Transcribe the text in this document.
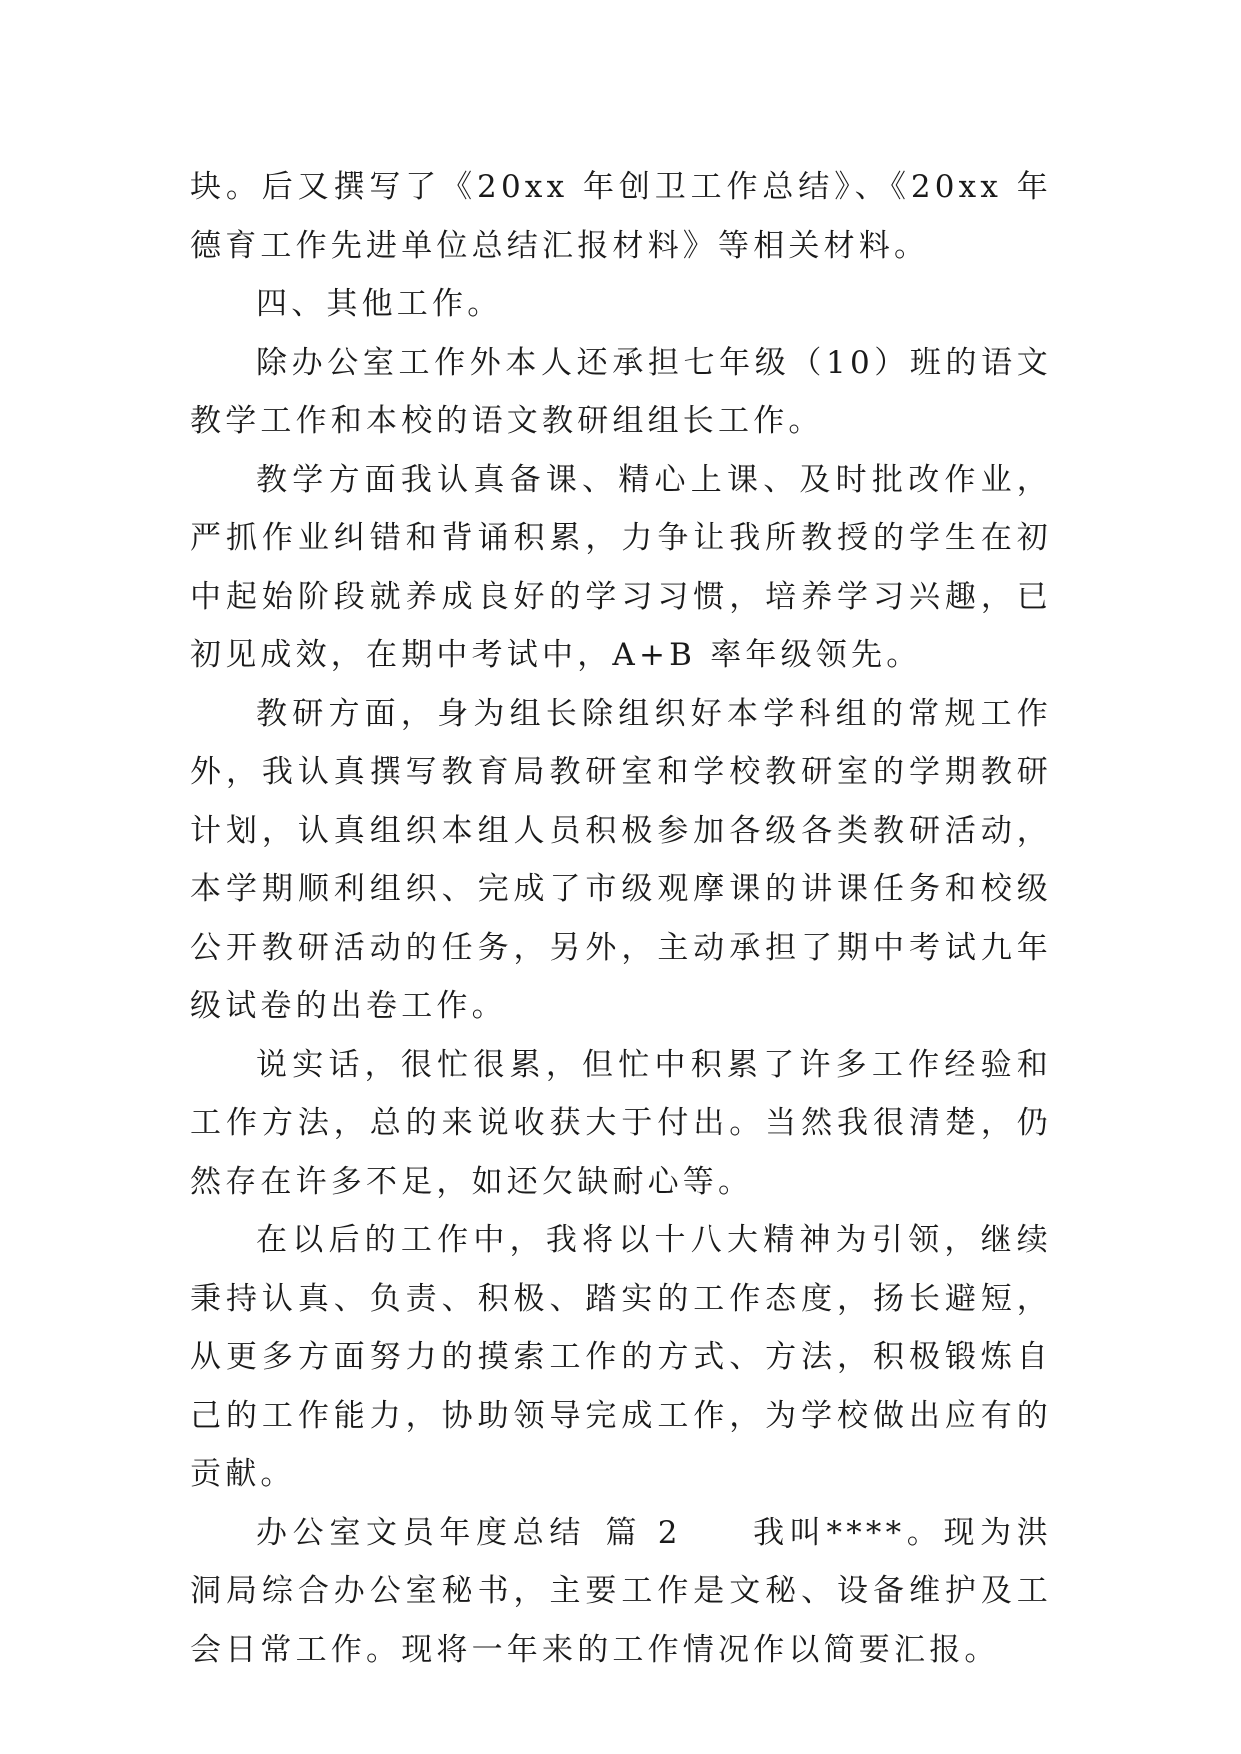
块。后又撰写了《20xx 年创卫工作总结》、《20xx 年德育工作先进单位总结汇报材料》等相关材料。

四、其他工作。

除办公室工作外本人还承担七年级（10）班的语文教学工作和本校的语文教研组组长工作。

教学方面我认真备课、精心上课、及时批改作业，严抓作业纠错和背诵积累，力争让我所教授的学生在初中起始阶段就养成良好的学习习惯，培养学习兴趣，已初见成效，在期中考试中，A+B 率年级领先。

教研方面，身为组长除组织好本学科组的常规工作外，我认真撰写教育局教研室和学校教研室的学期教研计划，认真组织本组人员积极参加各级各类教研活动，本学期顺利组织、完成了市级观摩课的讲课任务和校级公开教研活动的任务，另外，主动承担了期中考试九年级试卷的出卷工作。

说实话，很忙很累，但忙中积累了许多工作经验和工作方法，总的来说收获大于付出。当然我很清楚，仍然存在许多不足，如还欠缺耐心等。

在以后的工作中，我将以十八大精神为引领，继续秉持认真、负责、积极、踏实的工作态度，扬长避短，从更多方面努力的摸索工作的方式、方法，积极锻炼自己的工作能力，协助领导完成工作，为学校做出应有的贡献。

办公室文员年度总结 篇 2 我叫****。现为洪洞局综合办公室秘书，主要工作是文秘、设备维护及工会日常工作。现将一年来的工作情况作以简要汇报。
